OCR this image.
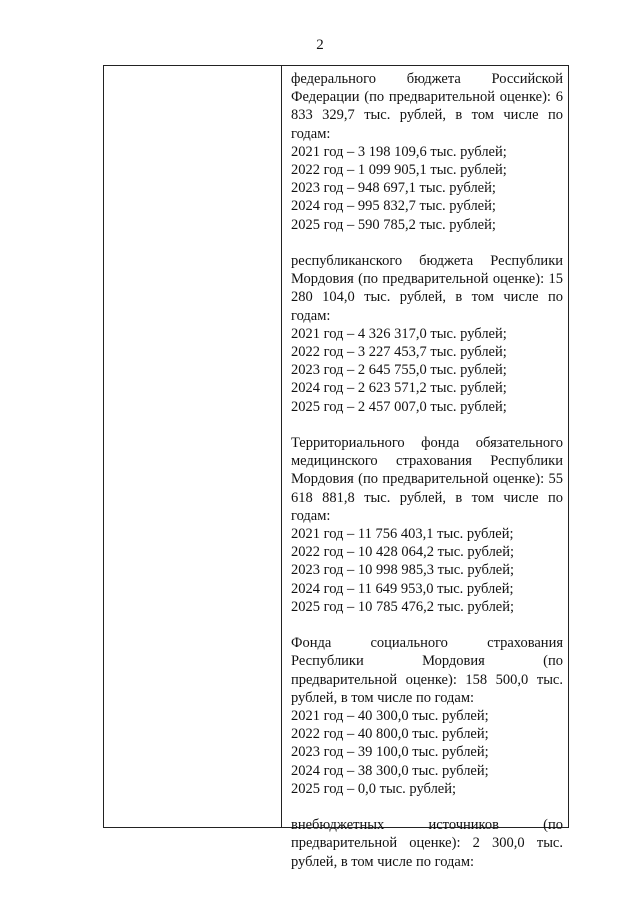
2
федерального бюджета Российской Федерации (по предварительной оценке): 6 833 329,7 тыс. рублей, в том числе по годам:
2021 год – 3 198 109,6 тыс. рублей;
2022 год – 1 099 905,1 тыс. рублей;
2023 год – 948 697,1 тыс. рублей;
2024 год – 995 832,7 тыс. рублей;
2025 год – 590 785,2 тыс. рублей;
республиканского бюджета Республики Мордовия (по предварительной оценке): 15 280 104,0 тыс. рублей, в том числе по годам:
2021 год – 4 326 317,0 тыс. рублей;
2022 год – 3 227 453,7 тыс. рублей;
2023 год – 2 645 755,0 тыс. рублей;
2024 год – 2 623 571,2 тыс. рублей;
2025 год – 2 457 007,0 тыс. рублей;
Территориального фонда обязательного медицинского страхования Республики Мордовия (по предварительной оценке): 55 618 881,8 тыс. рублей, в том числе по годам:
2021 год – 11 756 403,1 тыс. рублей;
2022 год – 10 428 064,2 тыс. рублей;
2023 год – 10 998 985,3 тыс. рублей;
2024 год – 11 649 953,0 тыс. рублей;
2025 год – 10 785 476,2 тыс. рублей;
Фонда социального страхования Республики Мордовия (по предварительной оценке): 158 500,0 тыс. рублей, в том числе по годам:
2021 год – 40 300,0 тыс. рублей;
2022 год – 40 800,0 тыс. рублей;
2023 год – 39 100,0 тыс. рублей;
2024 год – 38 300,0 тыс. рублей;
2025 год – 0,0 тыс. рублей;
внебюджетных источников (по предварительной оценке): 2 300,0 тыс. рублей, в том числе по годам:
